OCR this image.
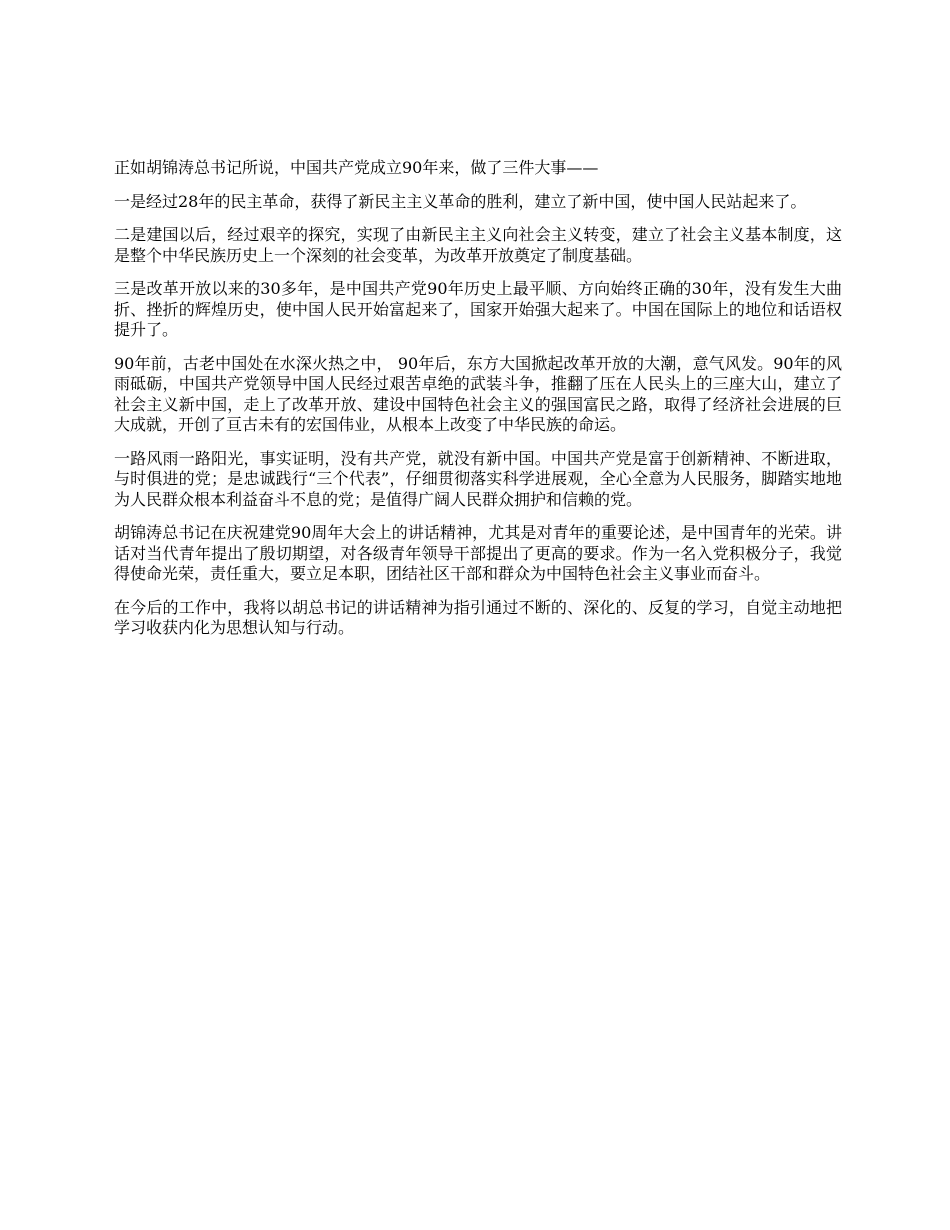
正如胡锦涛总书记所说，中国共产党成立90年来，做了三件大事——

一是经过28年的民主革命，获得了新民主主义革命的胜利，建立了新中国，使中国人民站起来了。

二是建国以后，经过艰辛的探究，实现了由新民主主义向社会主义转变，建立了社会主义基本制度，这是整个中华民族历史上一个深刻的社会变革，为改革开放奠定了制度基础。

三是改革开放以来的30多年，是中国共产党90年历史上最平顺、方向始终正确的30年，没有发生大曲折、挫折的辉煌历史，使中国人民开始富起来了，国家开始强大起来了。中国在国际上的地位和话语权提升了。

90年前，古老中国处在水深火热之中， 90年后，东方大国掀起改革开放的大潮，意气风发。90年的风雨砥砺，中国共产党领导中国人民经过艰苦卓绝的武装斗争，推翻了压在人民头上的三座大山，建立了社会主义新中国，走上了改革开放、建设中国特色社会主义的强国富民之路，取得了经济社会进展的巨大成就，开创了亘古未有的宏国伟业，从根本上改变了中华民族的命运。

一路风雨一路阳光，事实证明，没有共产党，就没有新中国。中国共产党是富于创新精神、不断进取，与时俱进的党；是忠诚践行“三个代表”，仔细贯彻落实科学进展观，全心全意为人民服务，脚踏实地地为人民群众根本利益奋斗不息的党；是值得广阔人民群众拥护和信赖的党。

胡锦涛总书记在庆祝建党90周年大会上的讲话精神，尤其是对青年的重要论述，是中国青年的光荣。讲话对当代青年提出了殷切期望，对各级青年领导干部提出了更高的要求。作为一名入党积极分子，我觉得使命光荣，责任重大，要立足本职，团结社区干部和群众为中国特色社会主义事业而奋斗。

在今后的工作中，我将以胡总书记的讲话精神为指引通过不断的、深化的、反复的学习，自觉主动地把学习收获内化为思想认知与行动。
